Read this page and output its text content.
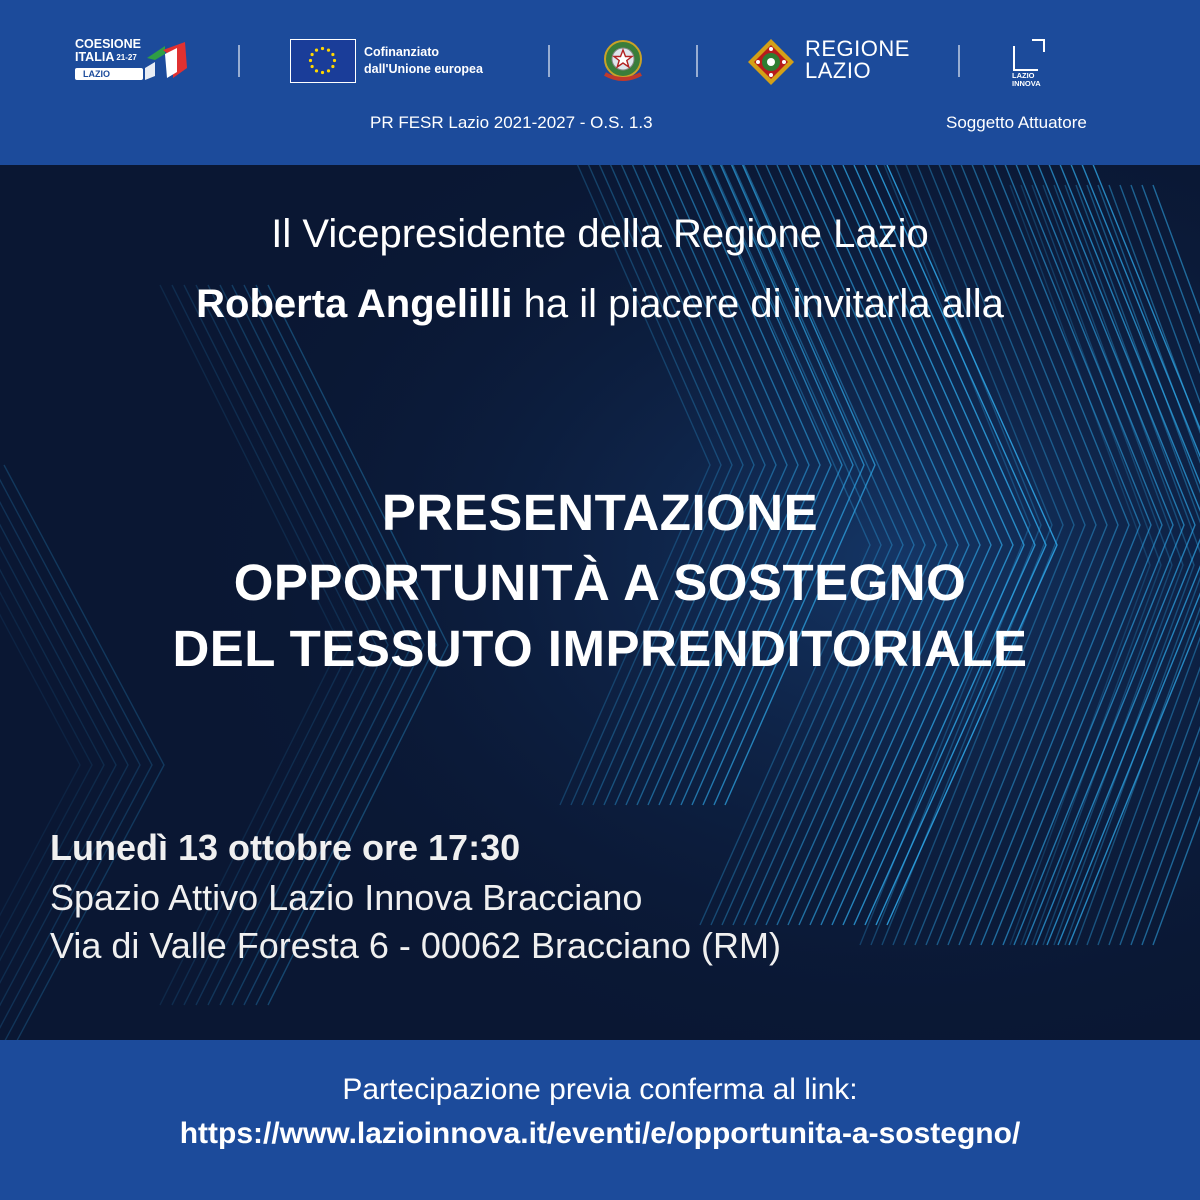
COESIONE
ITALIA $^{21-27}$
LAZIO
Cofinanziato
dall'Unione europea
REGIONE
LAZIO	LAZIO
INNOVA
PR FESR Lazio 2021-2027 - O.S. 1.3	Soggetto Attuatore
Il Vicepresidente della Regione Lazio
Roberta Angelilli ha il piacere di invitarla alla
PRESENTAZIONE
OPPORTUNITÀ A SOSTEGNO
DEL TESSUTO IMPRENDITORIALE
Lunedì 13 ottobre ore 17:30
Spazio Attivo Lazio Innova Bracciano
Via di Valle Foresta 6 - 00062 Bracciano (RM)
Partecipazione previa conferma al link:
https://www.lazioinnova.it/eventi/e/opportunita-a-sostegno/
